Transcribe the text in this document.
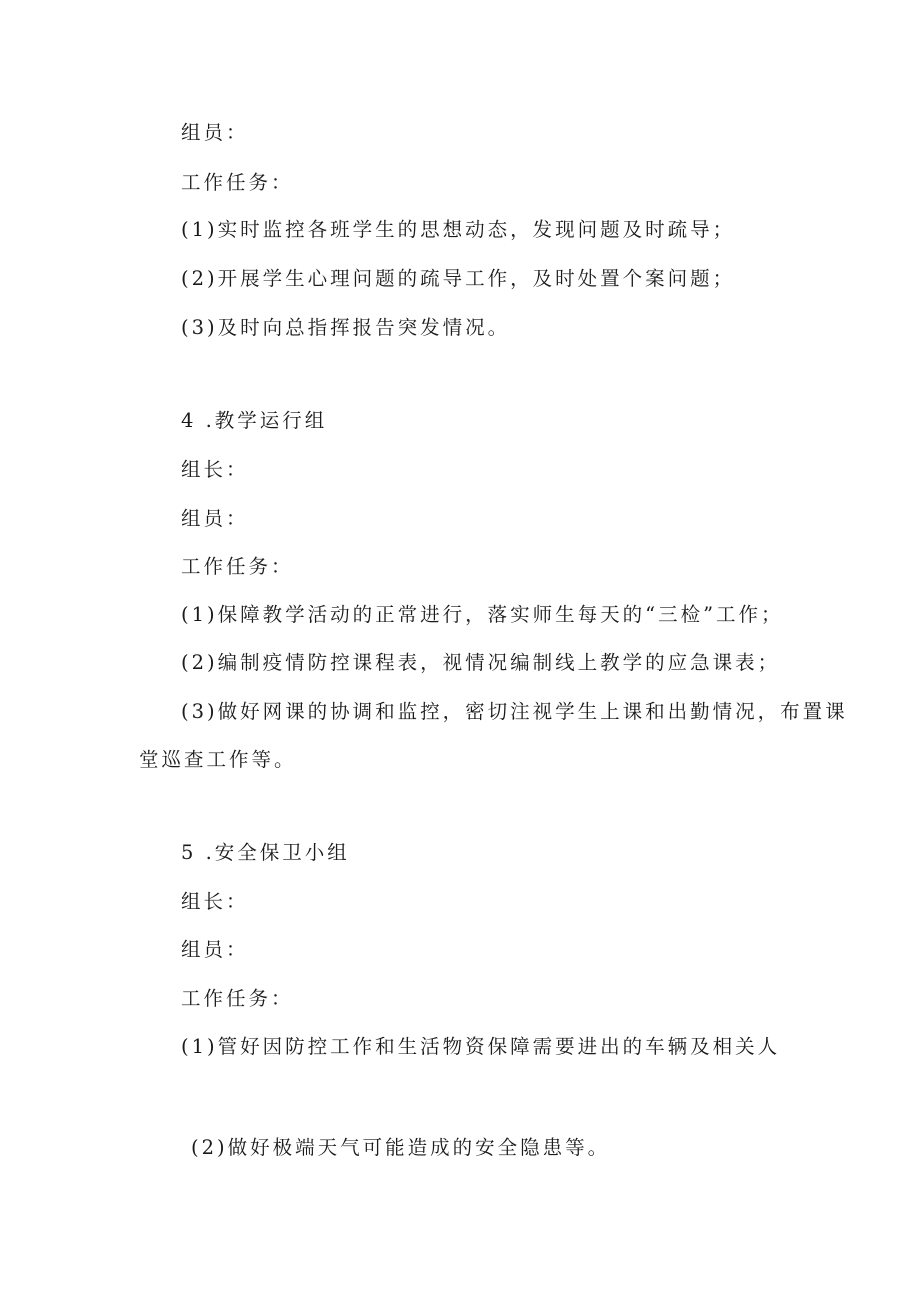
组员：
工作任务：
(1)实时监控各班学生的思想动态，发现问题及时疏导；
(2)开展学生心理问题的疏导工作，及时处置个案问题；
(3)及时向总指挥报告突发情况。
4 .教学运行组
组长：
组员：
工作任务：
(1)保障教学活动的正常进行，落实师生每天的“三检”工作；
(2)编制疫情防控课程表，视情况编制线上教学的应急课表；
(3)做好网课的协调和监控，密切注视学生上课和出勤情况，布置课
堂巡查工作等。
5 .安全保卫小组
组长：
组员：
工作任务：
(1)管好因防控工作和生活物资保障需要进出的车辆及相关人
(2)做好极端天气可能造成的安全隐患等。
